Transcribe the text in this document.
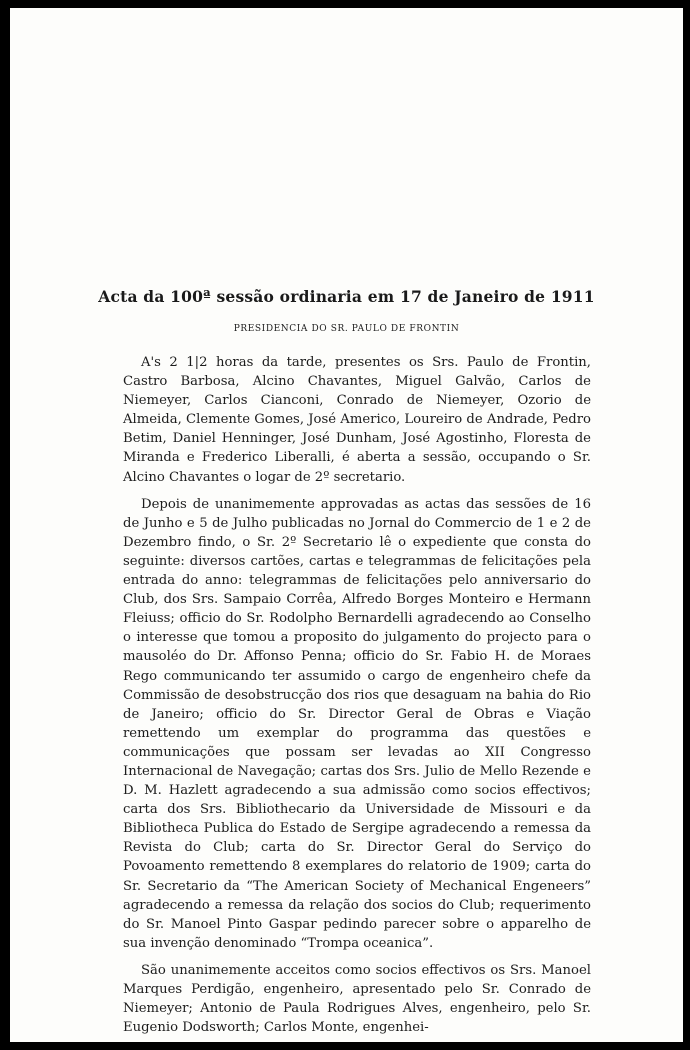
Acta da 100ª sessão ordinaria em 17 de Janeiro de 1911
PRESIDENCIA DO SR. PAULO DE FRONTIN

A's 2 1|2 horas da tarde, presentes os Srs. Paulo de Frontin, Castro Barbosa, Alcino Chavantes, Miguel Galvão, Carlos de Niemeyer, Carlos Cianconi, Conrado de Niemeyer, Ozorio de Almeida, Clemente Gomes, José Americo, Loureiro de Andrade, Pedro Betim, Daniel Henninger, José Dunham, José Agostinho, Floresta de Miranda e Frederico Liberalli, é aberta a sessão, occupando o Sr. Alcino Chavantes o logar de 2º secretario.

Depois de unanimemente approvadas as actas das sessões de 16 de Junho e 5 de Julho publicadas no Jornal do Commercio de 1 e 2 de Dezembro findo, o Sr. 2º Secretario lê o expediente que consta do seguinte: diversos cartões, cartas e telegrammas de felicitações pela entrada do anno: telegrammas de felicitações pelo anniversario do Club, dos Srs. Sampaio Corrêa, Alfredo Borges Monteiro e Hermann Fleiuss; officio do Sr. Rodolpho Bernardelli agradecendo ao Conselho o interesse que tomou a proposito do julgamento do projecto para o mausoléo do Dr. Affonso Penna; officio do Sr. Fabio H. de Moraes Rego communicando ter assumido o cargo de engenheiro chefe da Commissão de desobstrucção dos rios que desaguam na bahia do Rio de Janeiro; officio do Sr. Director Geral de Obras e Viação remettendo um exemplar do programma das questões e communicações que possam ser levadas ao XII Congresso Internacional de Navegação; cartas dos Srs. Julio de Mello Rezende e D. M. Hazlett agradecendo a sua admissão como socios effectivos; carta dos Srs. Bibliothecario da Universidade de Missouri e da Bibliotheca Publica do Estado de Sergipe agradecendo a remessa da Revista do Club; carta do Sr. Director Geral do Serviço do Povoamento remettendo 8 exemplares do relatorio de 1909; carta do Sr. Secretario da “The American Society of Mechanical Engeneers” agradecendo a remessa da relação dos socios do Club; requerimento do Sr. Manoel Pinto Gaspar pedindo parecer sobre o apparelho de sua invenção denominado “Trompa oceanica”.

São unanimemente acceitos como socios effectivos os Srs. Manoel Marques Perdigão, engenheiro, apresentado pelo Sr. Conrado de Niemeyer; Antonio de Paula Rodrigues Alves, engenheiro, pelo Sr. Eugenio Dodsworth; Carlos Monte, engenhei-
